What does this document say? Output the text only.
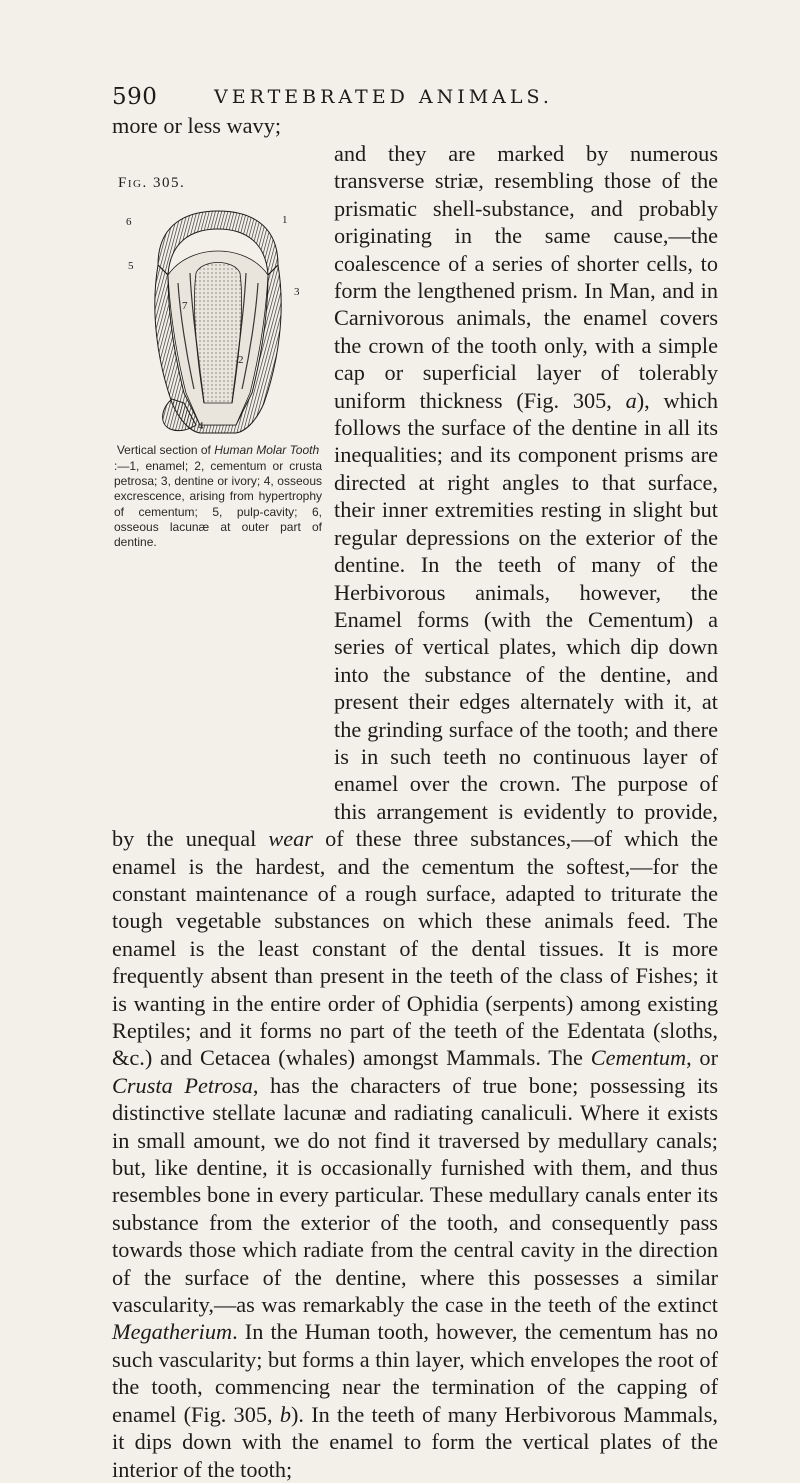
590	VERTEBRATED ANIMALS.
Fig. 305.
1
2
3
4
5
6
7
Vertical section of Human Molar Tooth
:—1, enamel; 2, cementum or crusta petrosa; 3, dentine or ivory; 4, osseous excrescence, arising from hypertrophy of cementum; 5, pulp-cavity; 6, osseous lacunæ at outer part of dentine.

more or less wavy;
and they are marked by numerous transverse striæ, resembling those of the prismatic shell-substance, and probably originating in the same cause,—the coalescence of a series of shorter cells, to form the lengthened prism. In Man, and in Carnivorous animals, the enamel covers the crown of the tooth only, with a simple cap or superficial layer of tolerably uniform thickness (Fig. 305, a), which follows the surface of the dentine in all its inequalities; and its component prisms are directed at right angles to that surface, their inner extremities resting in slight but regular depressions on the exterior of the dentine. In the teeth of many of the Herbivorous animals, however, the Enamel forms (with the Cementum) a series of vertical plates, which dip down into the substance of the dentine, and present their edges alternately with it, at the grinding surface of the tooth; and there is in such teeth no continuous layer of enamel over the crown. The purpose of this arrangement is evidently to provide, by the unequal wear of these three substances,—of which the enamel is the hardest, and the cementum the softest,—for the constant maintenance of a rough surface, adapted to triturate the tough vegetable substances on which these animals feed. The enamel is the least constant of the dental tissues. It is more frequently absent than present in the teeth of the class of Fishes; it is wanting in the entire order of Ophidia (serpents) among existing Reptiles; and it forms no part of the teeth of the Edentata (sloths, &c.) and Cetacea (whales) amongst Mammals. The Cementum, or Crusta Petrosa, has the characters of true bone; possessing its distinctive stellate lacunæ and radiating canaliculi. Where it exists in small amount, we do not find it traversed by medullary canals; but, like dentine, it is occasionally furnished with them, and thus resembles bone in every particular. These medullary canals enter its substance from the exterior of the tooth, and consequently pass towards those which radiate from the central cavity in the direction of the surface of the dentine, where this possesses a similar vascularity,—as was remarkably the case in the teeth of the extinct Megatherium. In the Human tooth, however, the cementum has no such vascularity; but forms a thin layer, which envelopes the root of the tooth, commencing near the termination of the capping of enamel (Fig. 305, b). In the teeth of many Herbivorous Mammals, it dips down with the enamel to form the vertical plates of the interior of the tooth;
